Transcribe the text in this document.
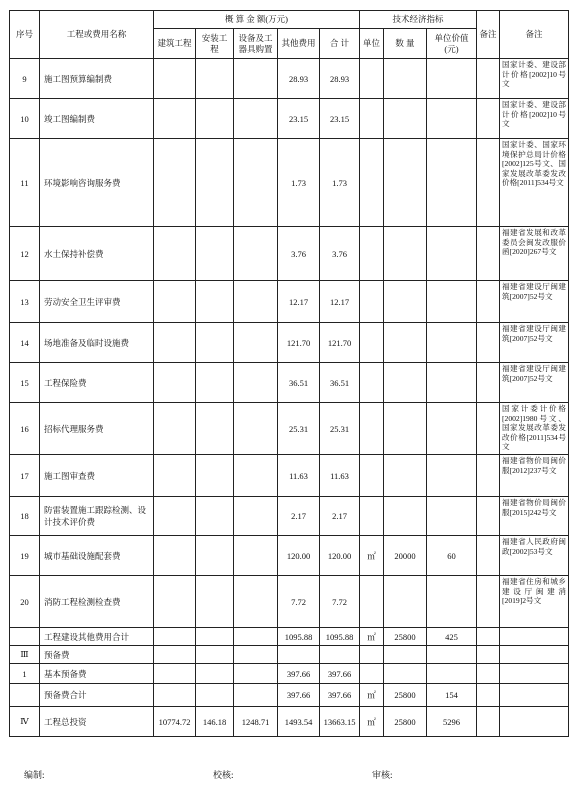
序号	工程或费用名称	概 算 金 额(万元)					技术经济指标			备注	备注
		建筑工程	安装工程	设备及工器具购置	其他费用	合 计	单位	数 量	单位价值(元)		
9	施工图预算编制费				28.93	28.93					国家计委、建设部计价格[2002]10号文
10	竣工图编制费				23.15	23.15					国家计委、建设部计价格[2002]10号文
11	环境影响咨询服务费				1.73	1.73					国家计委、国家环境保护总局计价格[2002]125号文、国家发展改革委发改价格[2011]534号文
12	水土保持补偿费				3.76	3.76					福建省发展和改革委员会闽发改服价函[2020]267号文
13	劳动安全卫生评审费				12.17	12.17					福建省建设厅闽建筑[2007]52号文
14	场地准备及临时设施费				121.70	121.70					福建省建设厅闽建筑[2007]52号文
15	工程保险费				36.51	36.51					福建省建设厅闽建筑[2007]52号文
16	招标代理服务费				25.31	25.31					国家计委计价格[2002]1980号文、国家发展改革委发改价格[2011]534号文
17	施工图审查费				11.63	11.63					福建省物价局闽价服[2012]237号文
18	防雷装置施工跟踪检测、设计技术评价费				2.17	2.17					福建省物价局闽价服[2015]242号文
19	城市基础设施配套费				120.00	120.00	㎡	20000	60		福建省人民政府闽政[2002]53号文
20	消防工程检测检查费				7.72	7.72					福建省住房和城乡建设厅闽建消[2019]2号文
	工程建设其他费用合计				1095.88	1095.88	㎡	25800	425		
Ⅲ	预备费										
1	基本预备费				397.66	397.66					
	预备费合计				397.66	397.66	㎡	25800	154		
Ⅳ	工程总投资	10774.72	146.18	1248.71	1493.54	13663.15	㎡	25800	5296		
编制:	校核:	审核:
